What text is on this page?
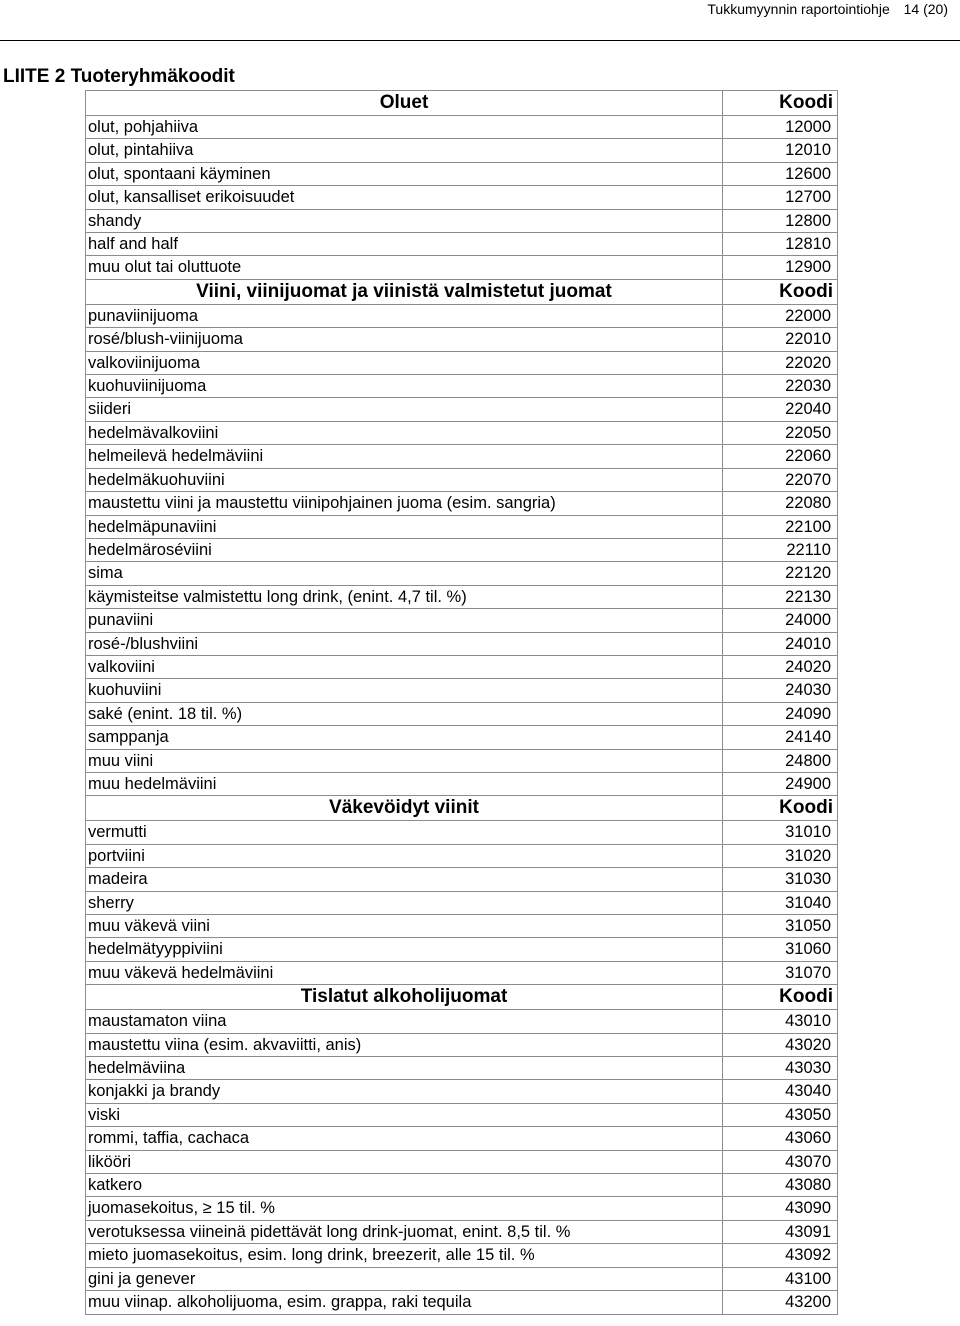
Tukkumyynnin raportointiohje 14 (20)
LIITE 2 Tuoteryhmäkoodit
Oluet	Koodi
olut, pohjahiiva	12000
olut, pintahiiva	12010
olut, spontaani käyminen	12600
olut, kansalliset erikoisuudet	12700
shandy	12800
half and half	12810
muu olut tai oluttuote	12900
Viini, viinijuomat ja viinistä valmistetut juomat	Koodi
punaviinijuoma	22000
rosé/blush-viinijuoma	22010
valkoviinijuoma	22020
kuohuviinijuoma	22030
siideri	22040
hedelmävalkoviini	22050
helmeilevä hedelmäviini	22060
hedelmäkuohuviini	22070
maustettu viini ja maustettu viinipohjainen juoma (esim. sangria)	22080
hedelmäpunaviini	22100
hedelmäroséviini	22110
sima	22120
käymisteitse valmistettu long drink, (enint. 4,7 til. %)	22130
punaviini	24000
rosé-/blushviini	24010
valkoviini	24020
kuohuviini	24030
saké (enint. 18 til. %)	24090
samppanja	24140
muu viini	24800
muu hedelmäviini	24900
Väkevöidyt viinit	Koodi
vermutti	31010
portviini	31020
madeira	31030
sherry	31040
muu väkevä viini	31050
hedelmätyyppiviini	31060
muu väkevä hedelmäviini	31070
Tislatut alkoholijuomat	Koodi
maustamaton viina	43010
maustettu viina (esim. akvaviitti, anis)	43020
hedelmäviina	43030
konjakki ja brandy	43040
viski	43050
rommi, taffia, cachaca	43060
likööri	43070
katkero	43080
juomasekoitus, ≥ 15 til. %	43090
verotuksessa viineinä pidettävät long drink-juomat, enint. 8,5 til. %	43091
mieto juomasekoitus, esim. long drink, breezerit, alle 15 til. %	43092
gini ja genever	43100
muu viinap. alkoholijuoma, esim. grappa, raki tequila	43200
